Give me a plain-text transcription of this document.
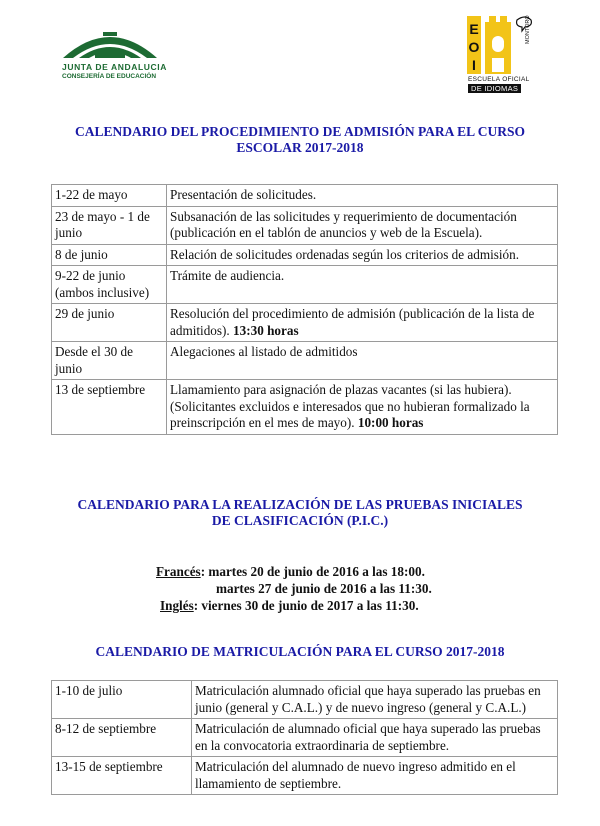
JUNTA DE ANDALUCIA
CONSEJERÍA DE EDUCACIÓN
E
O
I
ESCUELA OFICIAL
DE IDIOMAS
MONTORO
CALENDARIO DEL PROCEDIMIENTO DE ADMISIÓN PARA EL CURSO
ESCOLAR 2017-2018
1-22 de mayo	Presentación de solicitudes.
23 de mayo - 1 de junio	Subsanación de las solicitudes y requerimiento de documentación (publicación en el tablón de anuncios y web de la Escuela).
8 de junio	Relación de solicitudes ordenadas según los criterios de admisión.
9-22 de junio (ambos inclusive)	Trámite de audiencia.
29 de junio	Resolución del procedimiento de admisión (publicación de la lista de admitidos). 13:30 horas
Desde el 30 de junio	Alegaciones al listado de admitidos
13 de septiembre	Llamamiento para asignación de plazas vacantes (si las hubiera). (Solicitantes excluidos e interesados que no hubieran formalizado la preinscripción en el mes de mayo). 10:00 horas
CALENDARIO PARA LA REALIZACIÓN DE LAS PRUEBAS INICIALES
DE CLASIFICACIÓN (P.I.C.)
Francés: martes 20 de junio de 2016 a las 18:00.
martes 27 de junio de 2016 a las 11:30.
Inglés: viernes 30 de junio de 2017 a las 11:30.
CALENDARIO DE MATRICULACIÓN PARA EL CURSO 2017-2018
1-10 de julio	Matriculación alumnado oficial que haya superado las pruebas en junio (general y C.A.L.) y de nuevo ingreso (general y C.A.L.)
8-12 de septiembre	Matriculación de alumnado oficial que haya superado las pruebas en la convocatoria extraordinaria de septiembre.
13-15 de septiembre	Matriculación del alumnado de nuevo ingreso admitido en el llamamiento de septiembre.
